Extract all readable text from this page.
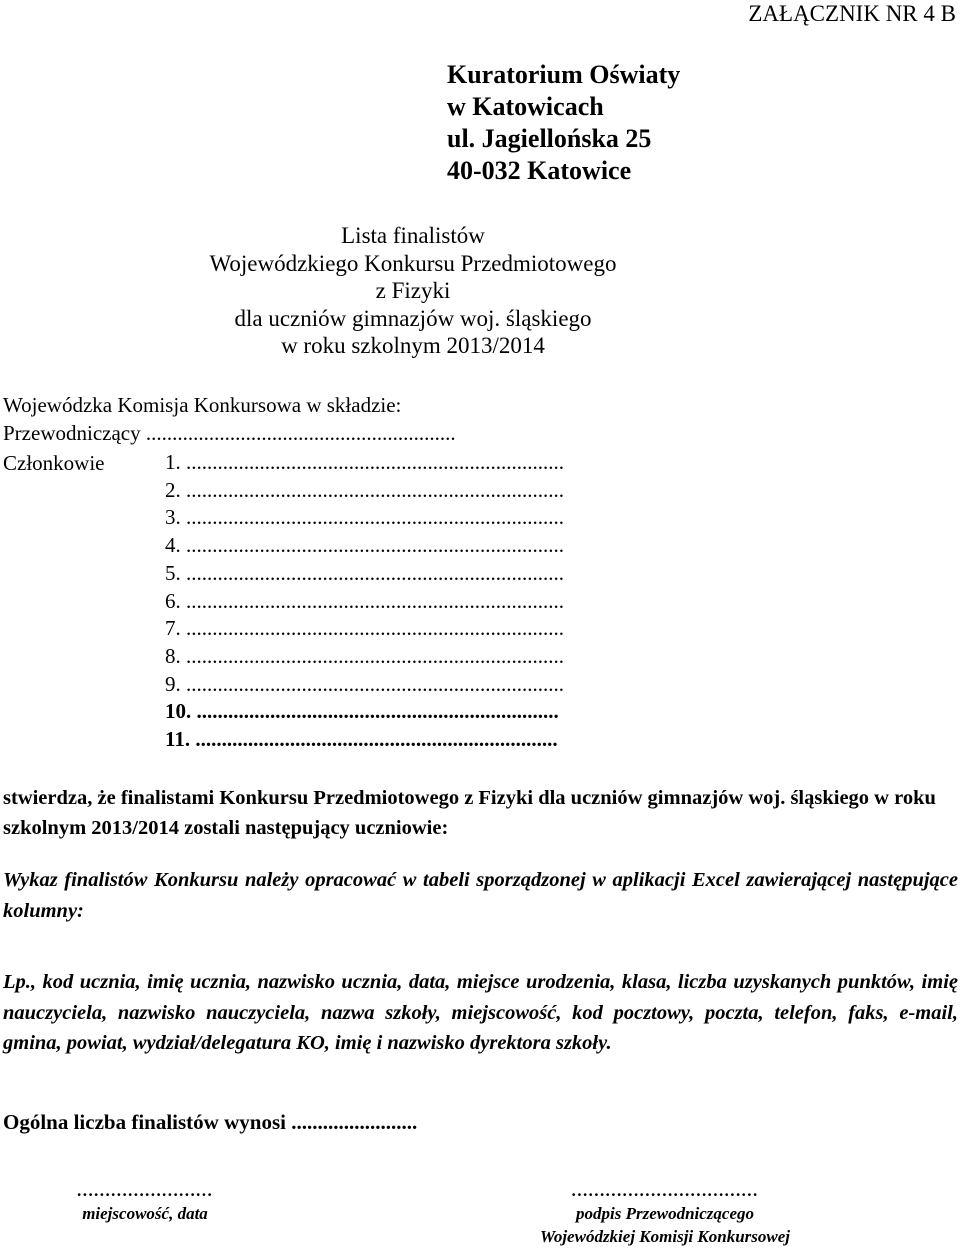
ZAŁĄCZNIK NR 4 B
Kuratorium Oświaty
w Katowicach
ul. Jagiellońska 25
40-032 Katowice
Lista finalistów
Wojewódzkiego Konkursu Przedmiotowego
z Fizyki
dla uczniów gimnazjów woj. śląskiego
w roku szkolnym 2013/2014
Wojewódzka Komisja Konkursowa w składzie:
Przewodniczący ...........................................................
Członkowie	1. ........................................................................
2. ........................................................................
3. ........................................................................
4. ........................................................................
5. ........................................................................
6. ........................................................................
7. ........................................................................
8. ........................................................................
9. ........................................................................
10. .....................................................................
11. .....................................................................
stwierdza, że finalistami Konkursu Przedmiotowego z Fizyki dla uczniów gimnazjów woj. śląskiego w roku szkolnym 2013/2014 zostali następujący uczniowie:
Wykaz finalistów Konkursu należy opracować w tabeli sporządzonej w aplikacji Excel zawierającej następujące kolumny:
Lp., kod ucznia, imię ucznia, nazwisko ucznia, data, miejsce urodzenia, klasa, liczba uzyskanych punktów, imię nauczyciela, nazwisko nauczyciela, nazwa szkoły, miejscowość, kod pocztowy, poczta, telefon, faks, e-mail, gmina, powiat, wydział/delegatura KO, imię i nazwisko dyrektora szkoły.
Ogólna liczba finalistów wynosi ........................
……………………
miejscowość, data
……………………………
podpis Przewodniczącego
Wojewódzkiej Komisji Konkursowej
